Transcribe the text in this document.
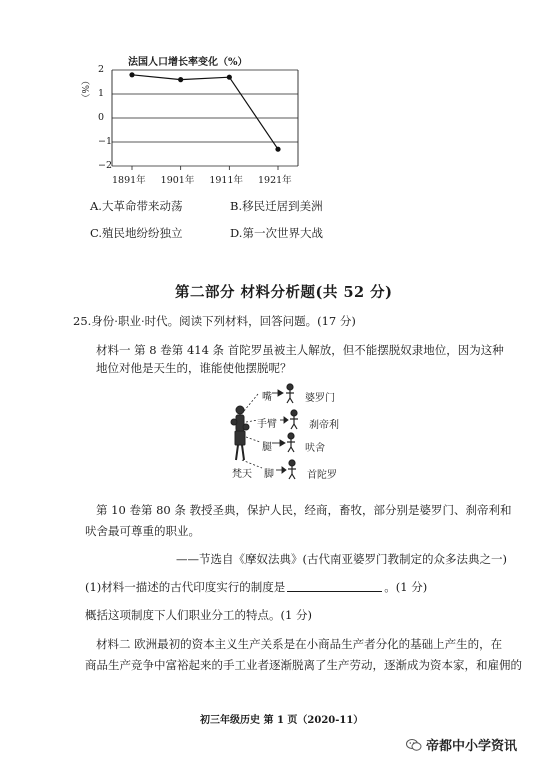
法国人口增长率变化（%）
（%）
2
1
0
−1
−2
1891年 1901年 1911年 1921年
A.大革命带来动荡	B.移民迁居到美洲
C.殖民地纷纷独立	D.第一次世界大战
第二部分 材料分析题(共 52 分)
25.身份·职业·时代。阅读下列材料，回答问题。(17 分)
材料一 第 8 卷第 414 条 首陀罗虽被主人解放，但不能摆脱奴隶地位，因为这种
地位对他是天生的，谁能使他摆脱呢？
嘴
手臂
腿
脚
梵天
婆罗门
刹帝利
吠舍
首陀罗
第 10 卷第 80 条 教授圣典，保护人民，经商，畜牧，部分别是婆罗门、刹帝利和
吠舍最可尊重的职业。
——节选自《摩奴法典》(古代南亚婆罗门教制定的众多法典之一)
(1)材料一描述的古代印度实行的制度是	。(1 分)
概括这项制度下人们职业分工的特点。(1 分)
材料二 欧洲最初的资本主义生产关系是在小商品生产者分化的基础上产生的，在
商品生产竞争中富裕起来的手工业者逐渐脱离了生产劳动，逐渐成为资本家，和雇佣的
初三年级历史 第 1 页（2020-11）
帝都中小学资讯
